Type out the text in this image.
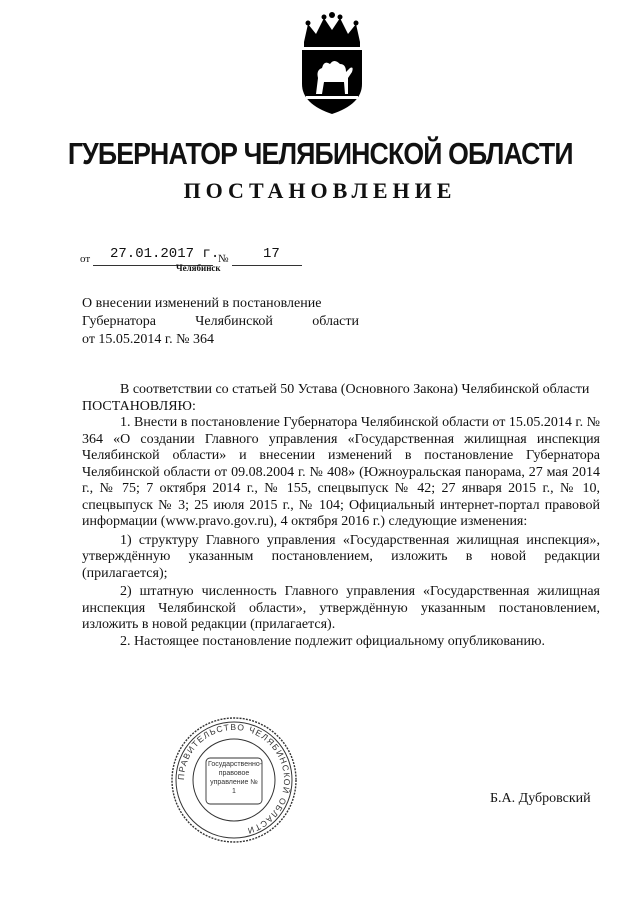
ГУБЕРНАТОР ЧЕЛЯБИНСКОЙ ОБЛАСТИ
ПОСТАНОВЛЕНИЕ
от 27.01.2017 г.
№ 17
Челябинск
О внесении изменений в постановление
Губернатора Челябинской области
от 15.05.2014 г. № 364
В соответствии со статьей 50 Устава (Основного Закона) Челябинской области
ПОСТАНОВЛЯЮ:
1. Внести в постановление Губернатора Челябинской области от 15.05.2014 г. № 364 «О создании Главного управления «Государственная жилищная инспекция Челябинской области» и внесении изменений в постановление Губернатора Челябинской области от 09.08.2004 г. № 408» (Южноуральская панорама, 27 мая 2014 г., № 75; 7 октября 2014 г., № 155, спецвыпуск № 42; 27 января 2015 г., № 10, спецвыпуск № 3; 25 июля 2015 г., № 104; Официальный интернет-портал правовой информации (www.pravo.gov.ru), 4 октября 2016 г.) следующие изменения:
1) структуру Главного управления «Государственная жилищная инспекция», утверждённую указанным постановлением, изложить в новой редакции (прилагается);
2) штатную численность Главного управления «Государственная жилищная инспекция Челябинской области», утверждённую указанным постановлением, изложить в новой редакции (прилагается).
2. Настоящее постановление подлежит официальному опубликованию.
ПРАВИТЕЛЬСТВО ЧЕЛЯБИНСКОЙ ОБЛАСТИ
Государственно-правовое управление № 1	Б.А. Дубровский
